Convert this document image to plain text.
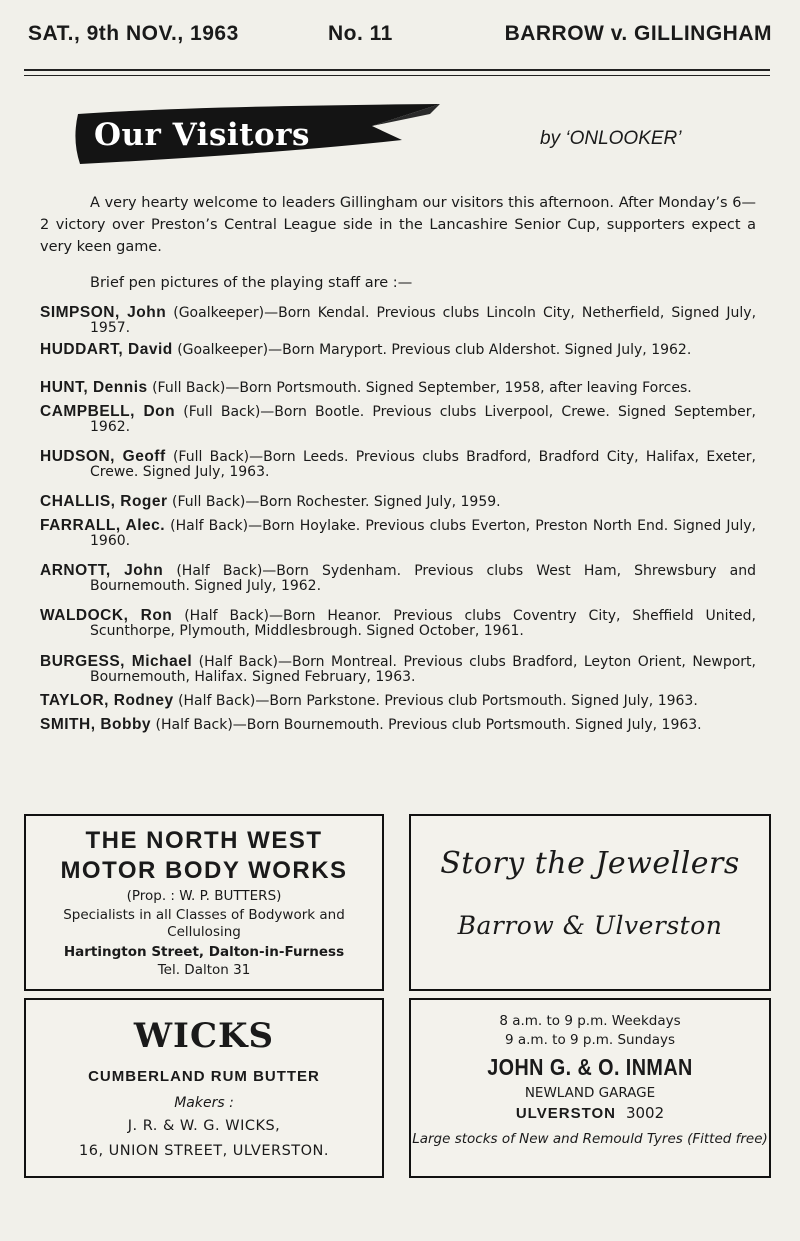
SAT., 9th NOV., 1963	No. 11	BARROW v. GILLINGHAM
Our Visitors	by ‘ONLOOKER’

A very hearty welcome to leaders Gillingham our visitors this afternoon. After Monday’s 6—2 victory over Preston’s Central League side in the Lancashire Senior Cup, supporters expect a very keen game.

Brief pen pictures of the playing staff are :—

SIMPSON, John (Goalkeeper)—Born Kendal. Previous clubs Lincoln City, Netherfield, Signed July, 1957.
HUDDART, David (Goalkeeper)—Born Maryport. Previous club Aldershot. Signed July, 1962.
HUNT, Dennis (Full Back)—Born Portsmouth. Signed September, 1958, after leaving Forces.
CAMPBELL, Don (Full Back)—Born Bootle. Previous clubs Liverpool, Crewe. Signed September, 1962.
HUDSON, Geoff (Full Back)—Born Leeds. Previous clubs Bradford, Bradford City, Halifax, Exeter, Crewe. Signed July, 1963.
CHALLIS, Roger (Full Back)—Born Rochester. Signed July, 1959.
FARRALL, Alec. (Half Back)—Born Hoylake. Previous clubs Everton, Preston North End. Signed July, 1960.
ARNOTT, John (Half Back)—Born Sydenham. Previous clubs West Ham, Shrewsbury and Bournemouth. Signed July, 1962.
WALDOCK, Ron (Half Back)—Born Heanor. Previous clubs Coventry City, Sheffield United, Scunthorpe, Plymouth, Middlesbrough. Signed October, 1961.
BURGESS, Michael (Half Back)—Born Montreal. Previous clubs Bradford, Leyton Orient, Newport, Bournemouth, Halifax. Signed February, 1963.
TAYLOR, Rodney (Half Back)—Born Parkstone. Previous club Portsmouth. Signed July, 1963.
SMITH, Bobby (Half Back)—Born Bournemouth. Previous club Portsmouth. Signed July, 1963.
THE NORTH WEST
MOTOR BODY WORKS
(Prop. : W. P. BUTTERS)
Specialists in all Classes of Bodywork and Cellulosing
Hartington Street, Dalton-in-Furness
Tel. Dalton 31
Story the Jewellers
Barrow & Ulverston
WICKS
CUMBERLAND RUM BUTTER
Makers :
J. R. & W. G. WICKS,
16, UNION STREET, ULVERSTON.
8 a.m. to 9 p.m. Weekdays
9 a.m. to 9 p.m. Sundays
JOHN G. & O. INMAN
NEWLAND GARAGE
ULVERSTON 3002
Large stocks of New and Remould Tyres (Fitted free)
